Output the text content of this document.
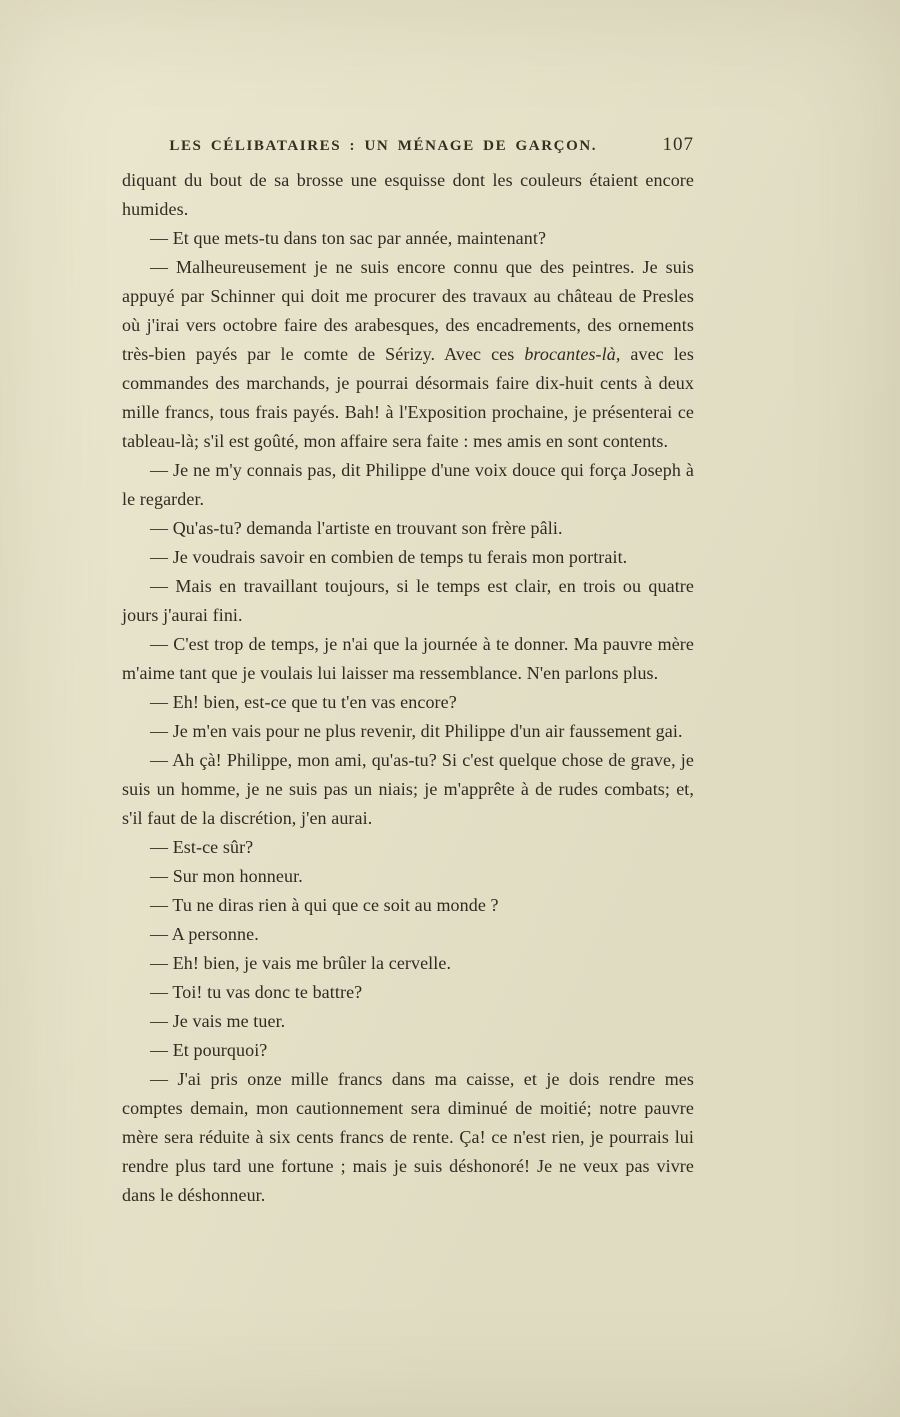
LES CÉLIBATAIRES : UN MÉNAGE DE GARÇON.	107

diquant du bout de sa brosse une esquisse dont les couleurs étaient encore humides.

— Et que mets-tu dans ton sac par année, maintenant?

— Malheureusement je ne suis encore connu que des peintres. Je suis appuyé par Schinner qui doit me procurer des travaux au château de Presles où j'irai vers octobre faire des arabesques, des encadrements, des ornements très-bien payés par le comte de Sérizy. Avec ces brocantes-là, avec les commandes des marchands, je pourrai désormais faire dix-huit cents à deux mille francs, tous frais payés. Bah! à l'Exposition prochaine, je présenterai ce tableau-là; s'il est goûté, mon affaire sera faite : mes amis en sont contents.

— Je ne m'y connais pas, dit Philippe d'une voix douce qui força Joseph à le regarder.

— Qu'as-tu? demanda l'artiste en trouvant son frère pâli.

— Je voudrais savoir en combien de temps tu ferais mon portrait.

— Mais en travaillant toujours, si le temps est clair, en trois ou quatre jours j'aurai fini.

— C'est trop de temps, je n'ai que la journée à te donner. Ma pauvre mère m'aime tant que je voulais lui laisser ma ressemblance. N'en parlons plus.

— Eh! bien, est-ce que tu t'en vas encore?

— Je m'en vais pour ne plus revenir, dit Philippe d'un air faussement gai.

— Ah çà! Philippe, mon ami, qu'as-tu? Si c'est quelque chose de grave, je suis un homme, je ne suis pas un niais; je m'apprête à de rudes combats; et, s'il faut de la discrétion, j'en aurai.

— Est-ce sûr?

— Sur mon honneur.

— Tu ne diras rien à qui que ce soit au monde ?

— A personne.

— Eh! bien, je vais me brûler la cervelle.

— Toi! tu vas donc te battre?

— Je vais me tuer.

— Et pourquoi?

— J'ai pris onze mille francs dans ma caisse, et je dois rendre mes comptes demain, mon cautionnement sera diminué de moitié; notre pauvre mère sera réduite à six cents francs de rente. Ça! ce n'est rien, je pourrais lui rendre plus tard une fortune ; mais je suis déshonoré! Je ne veux pas vivre dans le déshonneur.
